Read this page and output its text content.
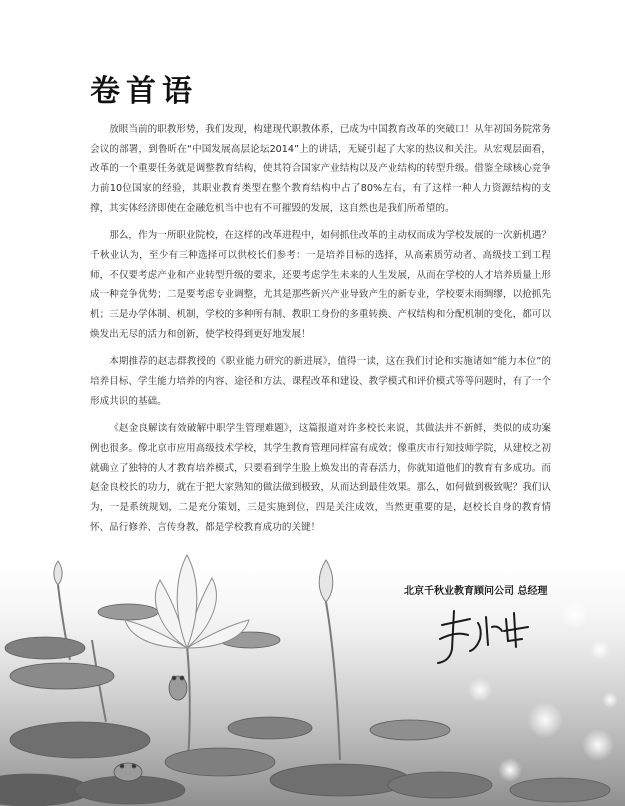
卷首语

放眼当前的职教形势，我们发现，构建现代职教体系，已成为中国教育改革的突破口！从年初国务院常务会议的部署，到鲁昕在“中国发展高层论坛2014”上的讲话，无疑引起了大家的热议和关注。从宏观层面看，改革的一个重要任务就是调整教育结构，使其符合国家产业结构以及产业结构的转型升级。借鉴全球核心竞争力前10位国家的经验，其职业教育类型在整个教育结构中占了80%左右，有了这样一种人力资源结构的支撑，其实体经济即使在金融危机当中也有不可摧毁的发展，这自然也是我们所希望的。

那么，作为一所职业院校，在这样的改革进程中，如何抓住改革的主动权而成为学校发展的一次新机遇？千秋业认为，至少有三种选择可以供校长们参考：一是培养目标的选择，从高素质劳动者、高级技工到工程师，不仅要考虑产业和产业转型升级的要求，还要考虑学生未来的人生发展，从而在学校的人才培养质量上形成一种竞争优势；二是要考虑专业调整，尤其是那些新兴产业导致产生的新专业，学校要未雨绸缪，以抢抓先机；三是办学体制、机制，学校的多种所有制、教职工身份的多重转换、产权结构和分配机制的变化，都可以焕发出无尽的活力和创新，使学校得到更好地发展！

本期推荐的赵志群教授的《职业能力研究的新进展》，值得一读，这在我们讨论和实施诸如“能力本位”的培养目标、学生能力培养的内容、途径和方法、课程改革和建设、教学模式和评价模式等等问题时，有了一个形成共识的基础。

《赵金良解读有效破解中职学生管理难题》，这篇报道对许多校长来说，其做法并不新鲜，类似的成功案例也很多。像北京市应用高级技术学校，其学生教育管理同样富有成效；像重庆市行知技师学院，从建校之初就确立了独特的人才教育培养模式，只要看到学生脸上焕发出的青春活力，你就知道他们的教育有多成功。而赵金良校长的功力，就在于把大家熟知的做法做到极致，从而达到最佳效果。那么，如何做到极致呢？我们认为，一是系统规划，二是充分策划，三是实施到位，四是关注成效，当然更重要的是，赵校长自身的教育情怀、品行修养、言传身教，都是学校教育成功的关键！

北京千秋业教育顾问公司 总经理
